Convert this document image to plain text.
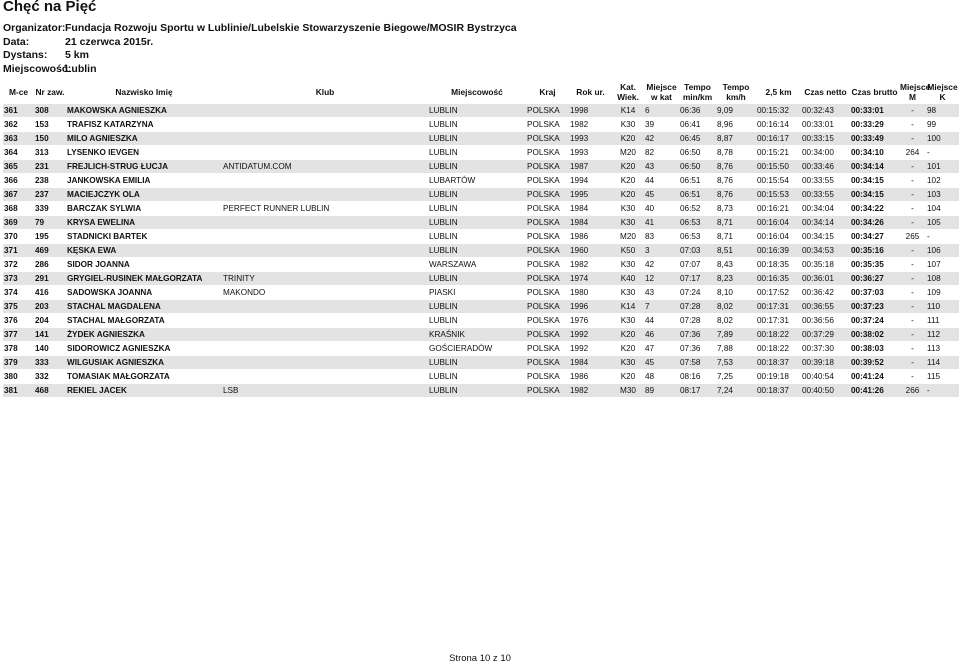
Chęć na Pięć
Organizator:Fundacja Rozwoju Sportu w Lublinie/Lubelskie Stowarzyszenie Biegowe/MOSIR Bystrzyca
Data:	21 czerwca 2015r.
Dystans: 5 km
Miejscowość:Lublin
M-ce	Nr zaw.	Nazwisko Imię	Klub	Miejscowość	Kraj	Rok ur.	Kat. Wiek.	Miejsce w kat	Tempo min/km	Tempo km/h	2,5 km	Czas netto	Czas brutto	Miejsce M	Miejsce K
361	308	MAKOWSKA AGNIESZKA		LUBLIN	POLSKA	1998	K14	6	06:36	9,09	00:15:32	00:32:43	00:33:01	-	98
362	153	TRAFISZ KATARZYNA		LUBLIN	POLSKA	1982	K30	39	06:41	8,96	00:16:14	00:33:01	00:33:29	-	99
363	150	MILO AGNIESZKA		LUBLIN	POLSKA	1993	K20	42	06:45	8,87	00:16:17	00:33:15	00:33:49	-	100
364	313	LYSENKO IEVGEN		LUBLIN	POLSKA	1993	M20	82	06:50	8,78	00:15:21	00:34:00	00:34:10	264	-
365	231	FREJLICH-STRUG ŁUCJA	ANTIDATUM.COM	LUBLIN	POLSKA	1987	K20	43	06:50	8,76	00:15:50	00:33:46	00:34:14	-	101
366	238	JANKOWSKA EMILIA		LUBARTÓW	POLSKA	1994	K20	44	06:51	8,76	00:15:54	00:33:55	00:34:15	-	102
367	237	MACIEJCZYK OLA		LUBLIN	POLSKA	1995	K20	45	06:51	8,76	00:15:53	00:33:55	00:34:15	-	103
368	339	BARCZAK SYLWIA	PERFECT RUNNER LUBLIN	LUBLIN	POLSKA	1984	K30	40	06:52	8,73	00:16:21	00:34:04	00:34:22	-	104
369	79	KRYSA EWELINA		LUBLIN	POLSKA	1984	K30	41	06:53	8,71	00:16:04	00:34:14	00:34:26	-	105
370	195	STADNICKI BARTEK		LUBLIN	POLSKA	1986	M20	83	06:53	8,71	00:16:04	00:34:15	00:34:27	265	-
371	469	KĘSKA EWA		LUBLIN	POLSKA	1960	K50	3	07:03	8,51	00:16:39	00:34:53	00:35:16	-	106
372	286	SIDOR JOANNA		WARSZAWA	POLSKA	1982	K30	42	07:07	8,43	00:18:35	00:35:18	00:35:35	-	107
373	291	GRYGIEL-RUSINEK MAŁGORZATA	TRINITY	LUBLIN	POLSKA	1974	K40	12	07:17	8,23	00:16:35	00:36:01	00:36:27	-	108
374	416	SADOWSKA JOANNA	MAKONDO	PIASKI	POLSKA	1980	K30	43	07:24	8,10	00:17:52	00:36:42	00:37:03	-	109
375	203	STACHAL MAGDALENA		LUBLIN	POLSKA	1996	K14	7	07:28	8,02	00:17:31	00:36:55	00:37:23	-	110
376	204	STACHAL MAŁGORZATA		LUBLIN	POLSKA	1976	K30	44	07:28	8,02	00:17:31	00:36:56	00:37:24	-	111
377	141	ŻYDEK AGNIESZKA		KRAŚNIK	POLSKA	1992	K20	46	07:36	7,89	00:18:22	00:37:29	00:38:02	-	112
378	140	SIDOROWICZ AGNIESZKA		GOŚCIERADÓW	POLSKA	1992	K20	47	07:36	7,88	00:18:22	00:37:30	00:38:03	-	113
379	333	WILGUSIAK AGNIESZKA		LUBLIN	POLSKA	1984	K30	45	07:58	7,53	00:18:37	00:39:18	00:39:52	-	114
380	332	TOMASIAK MAŁGORZATA		LUBLIN	POLSKA	1986	K20	48	08:16	7,25	00:19:18	00:40:54	00:41:24	-	115
381	468	REKIEL JACEK	LSB	LUBLIN	POLSKA	1982	M30	89	08:17	7,24	00:18:37	00:40:50	00:41:26	266	-
Strona 10 z 10
